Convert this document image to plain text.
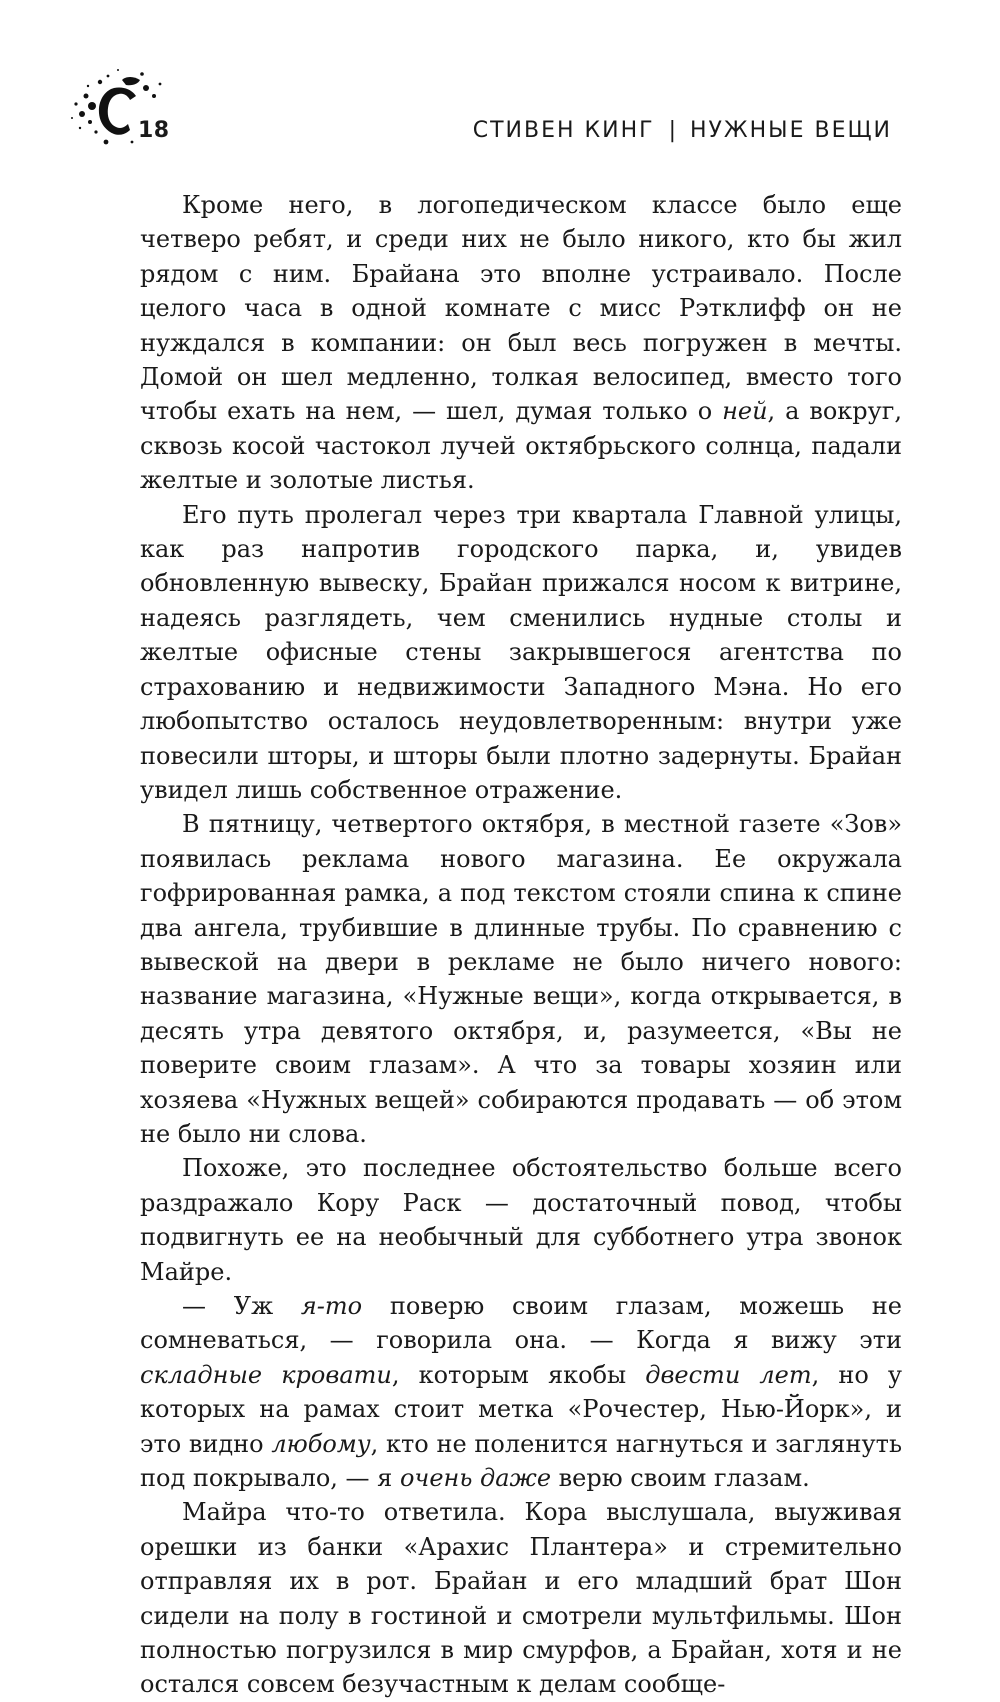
18	СТИВЕН КИНГ | НУЖНЫЕ ВЕЩИ

Кроме него, в логопедическом классе было еще четверо ребят, и среди них не было никого, кто бы жил рядом с ним. Брайана это вполне устраивало. После целого часа в одной комнате с мисс Рэтклифф он не нуждался в компании: он был весь погружен в мечты. Домой он шел медленно, толкая велосипед, вместо того чтобы ехать на нем, — шел, думая только о ней, а вокруг, сквозь косой частокол лучей октябрьского солнца, падали желтые и золотые листья.

Его путь пролегал через три квартала Главной улицы, как раз напротив городского парка, и, увидев обновленную вывеску, Брайан прижался носом к витрине, надеясь разглядеть, чем сменились нудные столы и желтые офисные стены закрывшегося агентства по страхованию и недвижимости Западного Мэна. Но его любопытство осталось неудовлетворенным: внутри уже повесили шторы, и шторы были плотно задернуты. Брайан увидел лишь собственное отражение.

В пятницу, четвертого октября, в местной газете «Зов» появилась реклама нового магазина. Ее окружала гофрированная рамка, а под текстом стояли спина к спине два ангела, трубившие в длинные трубы. По сравнению с вывеской на двери в рекламе не было ничего нового: название магазина, «Нужные вещи», когда открывается, в десять утра девятого октября, и, разумеется, «Вы не поверите своим глазам». А что за товары хозяин или хозяева «Нужных вещей» собираются продавать — об этом не было ни слова.

Похоже, это последнее обстоятельство больше всего раздражало Кору Раск — достаточный повод, чтобы подвигнуть ее на необычный для субботнего утра звонок Майре.

— Уж я-то поверю своим глазам, можешь не сомневаться, — говорила она. — Когда я вижу эти складные кровати, которым якобы двести лет, но у которых на рамах стоит метка «Рочестер, Нью-Йорк», и это видно любому, кто не поленится нагнуться и заглянуть под покрывало, — я очень даже верю своим глазам.

Майра что-то ответила. Кора выслушала, выуживая орешки из банки «Арахис Плантера» и стремительно отправляя их в рот. Брайан и его младший брат Шон сидели на полу в гостиной и смотрели мультфильмы. Шон полностью погрузился в мир смурфов, а Брайан, хотя и не остался совсем безучастным к делам сообще-
